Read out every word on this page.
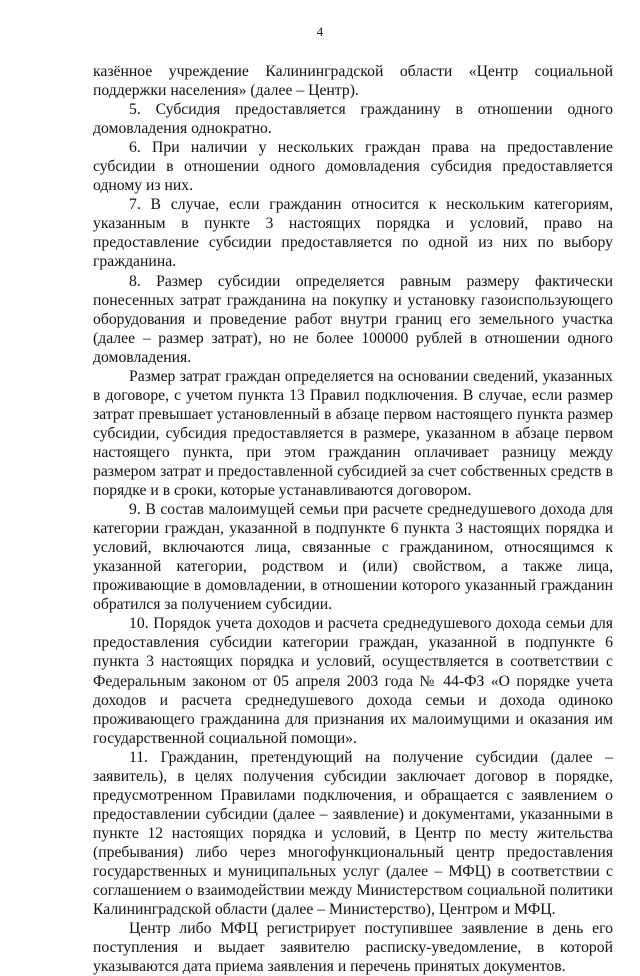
4

казённое учреждение Калининградской области «Центр социальной поддержки населения» (далее – Центр).

5. Субсидия предоставляется гражданину в отношении одного домовладения однократно.

6. При наличии у нескольких граждан права на предоставление субсидии в отношении одного домовладения субсидия предоставляется одному из них.

7. В случае, если гражданин относится к нескольким категориям, указанным в пункте 3 настоящих порядка и условий, право на предоставление субсидии предоставляется по одной из них по выбору гражданина.

8. Размер субсидии определяется равным размеру фактически понесенных затрат гражданина на покупку и установку газоиспользующего оборудования и проведение работ внутри границ его земельного участка (далее – размер затрат), но не более 100000 рублей в отношении одного домовладения.

Размер затрат граждан определяется на основании сведений, указанных в договоре, с учетом пункта 13 Правил подключения. В случае, если размер затрат превышает установленный в абзаце первом настоящего пункта размер субсидии, субсидия предоставляется в размере, указанном в абзаце первом настоящего пункта, при этом гражданин оплачивает разницу между размером затрат и предоставленной субсидией за счет собственных средств в порядке и в сроки, которые устанавливаются договором.

9. В состав малоимущей семьи при расчете среднедушевого дохода для категории граждан, указанной в подпункте 6 пункта 3 настоящих порядка и условий, включаются лица, связанные с гражданином, относящимся к указанной категории, родством и (или) свойством, а также лица, проживающие в домовладении, в отношении которого указанный гражданин обратился за получением субсидии.

10. Порядок учета доходов и расчета среднедушевого дохода семьи для предоставления субсидии категории граждан, указанной в подпункте 6 пункта 3 настоящих порядка и условий, осуществляется в соответствии с Федеральным законом от 05 апреля 2003 года № 44-ФЗ «О порядке учета доходов и расчета среднедушевого дохода семьи и дохода одиноко проживающего гражданина для признания их малоимущими и оказания им государственной социальной помощи».

11. Гражданин, претендующий на получение субсидии (далее – заявитель), в целях получения субсидии заключает договор в порядке, предусмотренном Правилами подключения, и обращается с заявлением о предоставлении субсидии (далее – заявление) и документами, указанными в пункте 12 настоящих порядка и условий, в Центр по месту жительства (пребывания) либо через многофункциональный центр предоставления государственных и муниципальных услуг (далее – МФЦ) в соответствии с соглашением о взаимодействии между Министерством социальной политики Калининградской области (далее – Министерство), Центром и МФЦ.

Центр либо МФЦ регистрирует поступившее заявление в день его поступления и выдает заявителю расписку-уведомление, в которой указываются дата приема заявления и перечень принятых документов.
